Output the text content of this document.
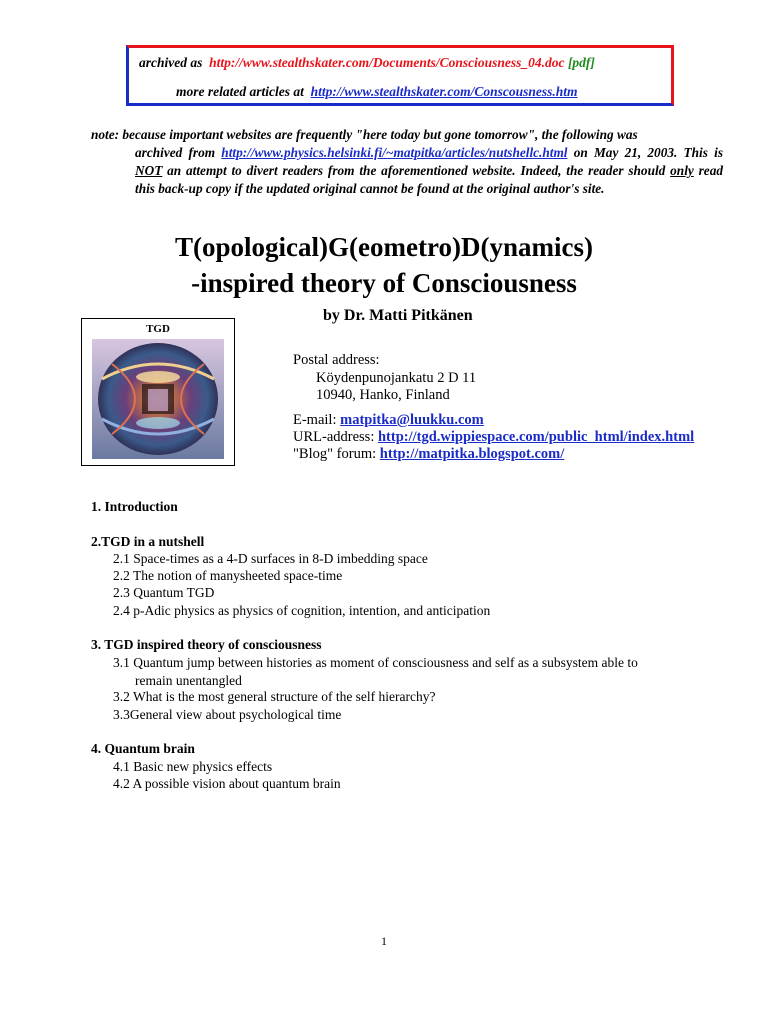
archived as http://www.stealthskater.com/Documents/Consciousness_04.doc [pdf]
more related articles at http://www.stealthskater.com/Conscousness.htm
note: because important websites are frequently "here today but gone tomorrow", the following was
archived from http://www.physics.helsinki.fi/~matpitka/articles/nutshellc.html on May 21, 2003. This is NOT an attempt to divert readers from the aforementioned website. Indeed, the reader should only read this back-up copy if the updated original cannot be found at the original author's site.
T(opological)G(eometro)D(ynamics)
-inspired theory of Consciousness
by Dr. Matti Pitkänen
TGD
Postal address:
Köydenpunojankatu 2 D 11
10940, Hanko, Finland
E-mail: matpitka@luukku.com
URL-address: http://tgd.wippiespace.com/public_html/index.html
"Blog" forum: http://matpitka.blogspot.com/
1. Introduction
2.TGD in a nutshell
2.1 Space-times as a 4-D surfaces in 8-D imbedding space
2.2 The notion of manysheeted space-time
2.3 Quantum TGD
2.4 p-Adic physics as physics of cognition, intention, and anticipation
3. TGD inspired theory of consciousness
3.1 Quantum jump between histories as moment of consciousness and self as a subsystem able to
remain unentangled
3.2 What is the most general structure of the self hierarchy?
3.3General view about psychological time
4. Quantum brain
4.1 Basic new physics effects
4.2 A possible vision about quantum brain
1
